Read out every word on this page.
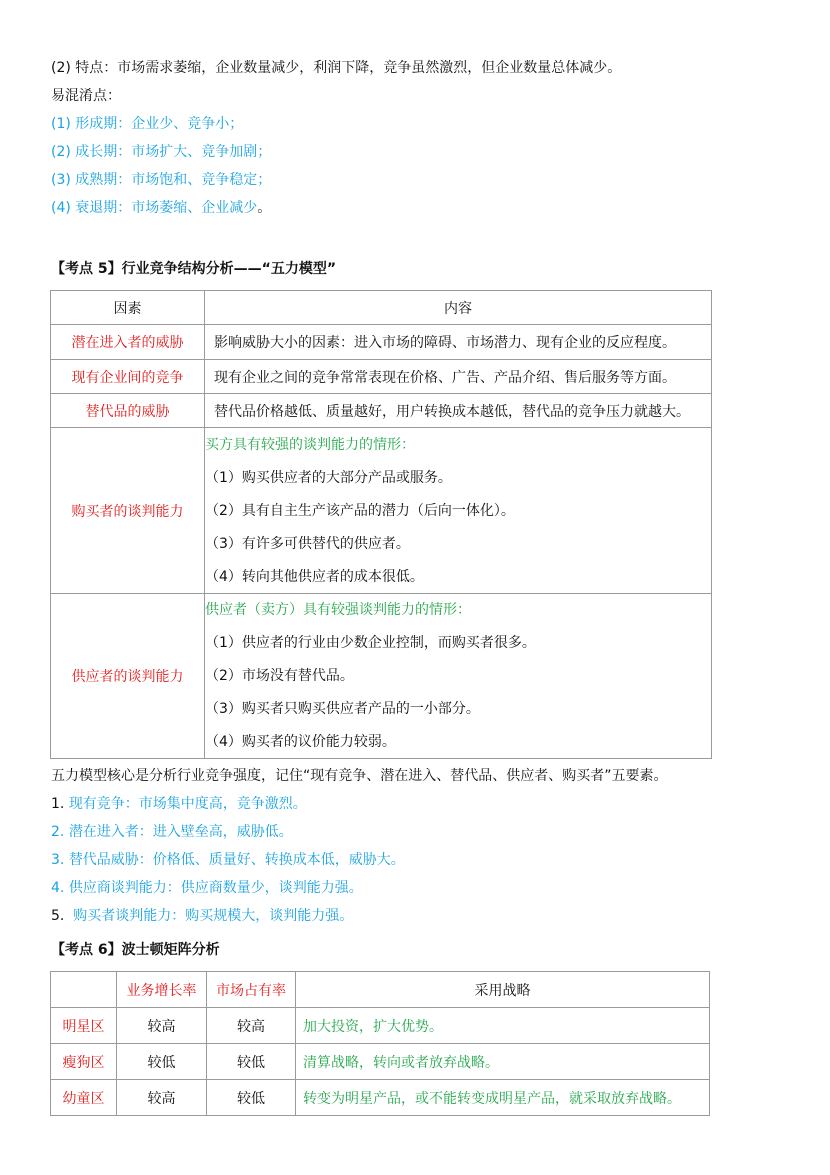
(2) 特点：市场需求萎缩，企业数量减少，利润下降，竞争虽然激烈，但企业数量总体减少。
易混淆点：
(1) 形成期：企业少、竞争小；
(2) 成长期：市场扩大、竞争加剧；
(3) 成熟期：市场饱和、竞争稳定；
(4) 衰退期：市场萎缩、企业减少。
【考点 5】行业竞争结构分析——“五力模型”
因素	内容
潜在进入者的威胁	影响威胁大小的因素：进入市场的障碍、市场潜力、现有企业的反应程度。
现有企业间的竞争	现有企业之间的竞争常常表现在价格、广告、产品介绍、售后服务等方面。
替代品的威胁	替代品价格越低、质量越好，用户转换成本越低，替代品的竞争压力就越大。
购买者的谈判能力	买方具有较强的谈判能力的情形：
（1）购买供应者的大部分产品或服务。
（2）具有自主生产该产品的潜力（后向一体化）。
（3）有许多可供替代的供应者。
（4）转向其他供应者的成本很低。

供应者的谈判能力	供应者（卖方）具有较强谈判能力的情形：
（1）供应者的行业由少数企业控制，而购买者很多。
（2）市场没有替代品。
（3）购买者只购买供应者产品的一小部分。
（4）购买者的议价能力较弱。
五力模型核心是分析行业竞争强度，记住“现有竞争、潜在进入、替代品、供应者、购买者”五要素。
1. 现有竞争：市场集中度高，竞争激烈。
2. 潜在进入者：进入壁垒高，威胁低。
3. 替代品威胁：价格低、质量好、转换成本低，威胁大。
4. 供应商谈判能力：供应商数量少，谈判能力强。
5. 购买者谈判能力：购买规模大，谈判能力强。
【考点 6】波士顿矩阵分析
	业务增长率	市场占有率	采用战略
明星区	较高	较高	加大投资，扩大优势。
瘦狗区	较低	较低	清算战略，转向或者放弃战略。
幼童区	较高	较低	转变为明星产品，或不能转变成明星产品，就采取放弃战略。
